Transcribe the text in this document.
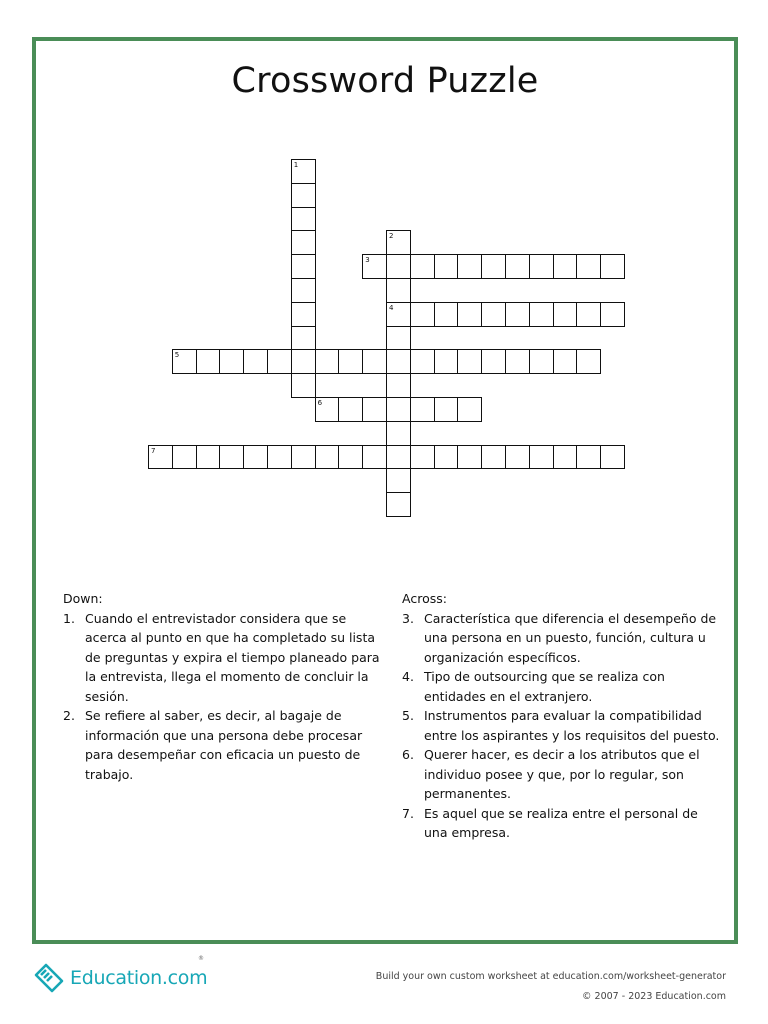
Crossword Puzzle
1
2
3
4
5
6
7
Down:
1. Cuando el entrevistador considera que se acerca al punto en que ha completado su lista de preguntas y expira el tiempo planeado para la entrevista, llega el momento de concluir la sesión.
2. Se refiere al saber, es decir, al bagaje de información que una persona debe procesar para desempeñar con eficacia un puesto de trabajo.
Across:
3. Característica que diferencia el desempeño de una persona en un puesto, función, cultura u organización específicos.
4. Tipo de outsourcing que se realiza con entidades en el extranjero.
5. Instrumentos para evaluar la compatibilidad entre los aspirantes y los requisitos del puesto.
6. Querer hacer, es decir a los atributos que el individuo posee y que, por lo regular, son permanentes.
7. Es aquel que se realiza entre el personal de una empresa.
Education.com
®
Build your own custom worksheet at education.com/worksheet-generator
© 2007 - 2023 Education.com
